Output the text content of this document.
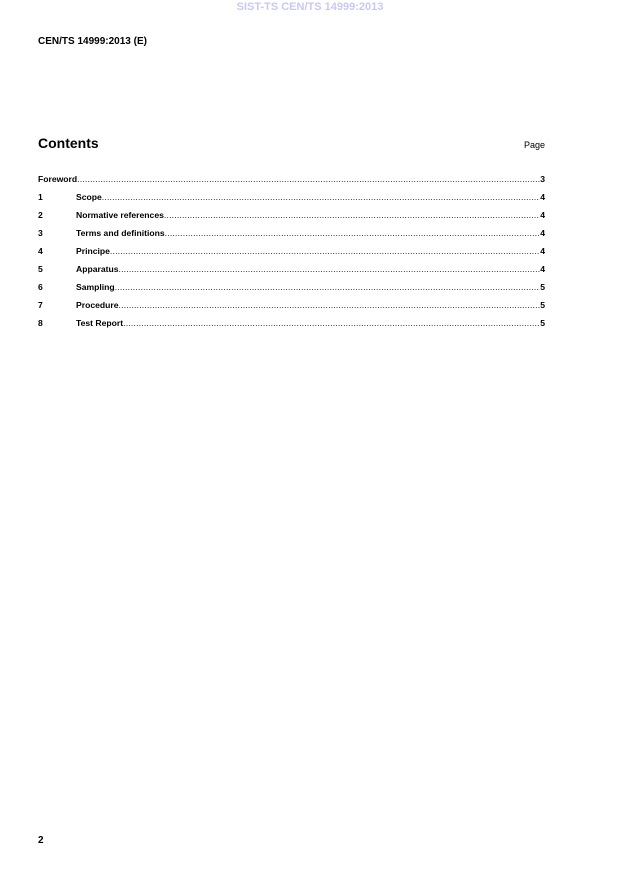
SIST-TS CEN/TS 14999:2013
CEN/TS 14999:2013 (E)
Contents	Page
Foreword .....	3
1	Scope .....	4
2	Normative references .....	4
3	Terms and definitions .....	4
4	Principe .....	4
5	Apparatus .....	4
6	Sampling .....	5
7	Procedure .....	5
8	Test Report .....	5
2
